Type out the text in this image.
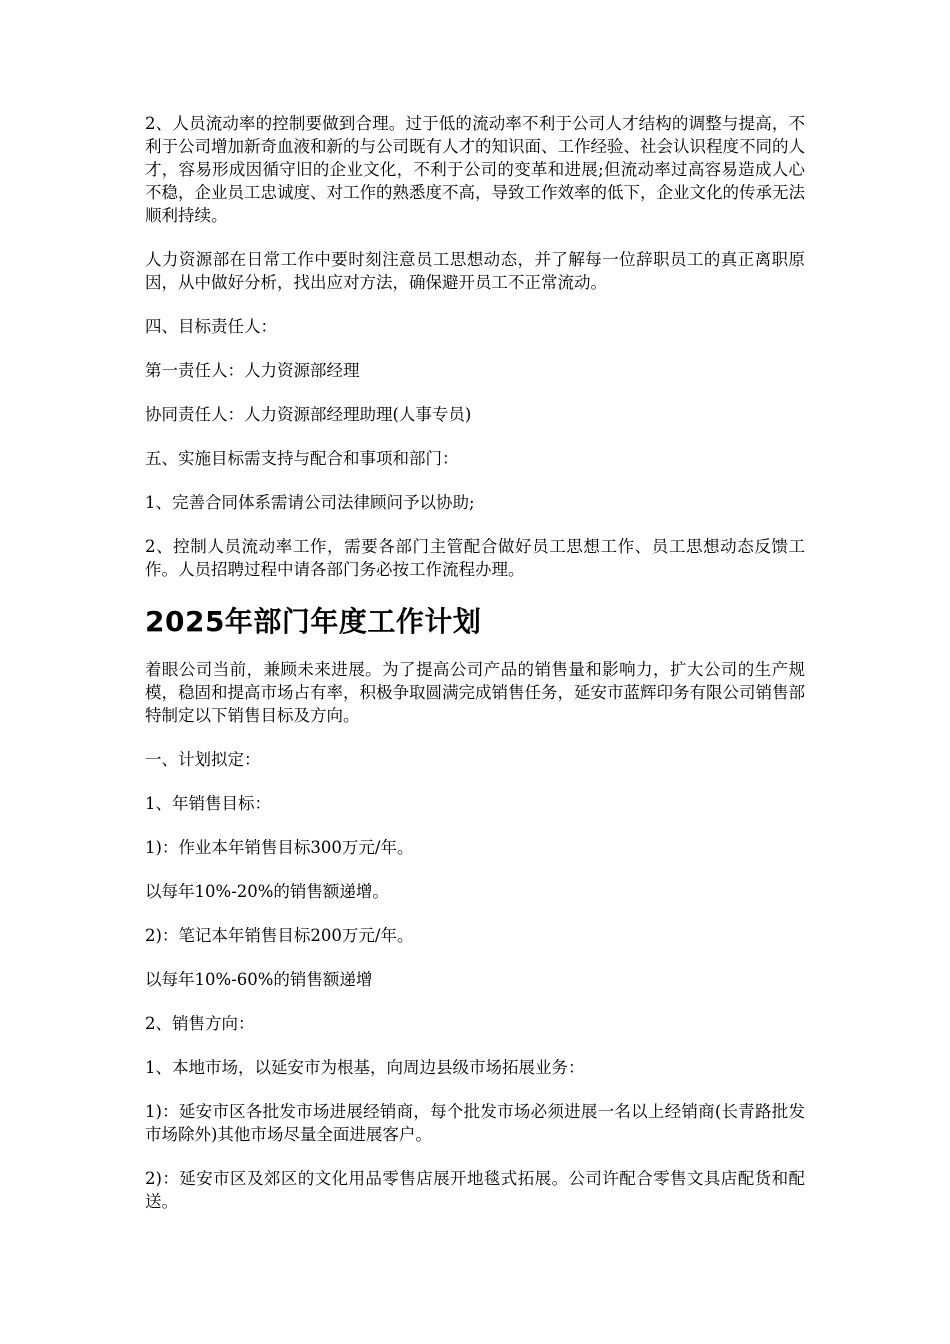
2、人员流动率的控制要做到合理。过于低的流动率不利于公司人才结构的调整与提高，不利于公司增加新奇血液和新的与公司既有人才的知识面、工作经验、社会认识程度不同的人才，容易形成因循守旧的企业文化，不利于公司的变革和进展;但流动率过高容易造成人心不稳，企业员工忠诚度、对工作的熟悉度不高，导致工作效率的低下，企业文化的传承无法顺利持续。

人力资源部在日常工作中要时刻注意员工思想动态，并了解每一位辞职员工的真正离职原因，从中做好分析，找出应对方法，确保避开员工不正常流动。

四、目标责任人：

第一责任人：人力资源部经理

协同责任人：人力资源部经理助理(人事专员)

五、实施目标需支持与配合和事项和部门：

1、完善合同体系需请公司法律顾问予以协助;

2、控制人员流动率工作，需要各部门主管配合做好员工思想工作、员工思想动态反馈工作。人员招聘过程中请各部门务必按工作流程办理。

2025年部门年度工作计划

着眼公司当前，兼顾未来进展。为了提高公司产品的销售量和影响力，扩大公司的生产规模，稳固和提高市场占有率，积极争取圆满完成销售任务，延安市蓝辉印务有限公司销售部特制定以下销售目标及方向。

一、计划拟定：

1、年销售目标：

1)：作业本年销售目标300万元/年。

以每年10%-20%的销售额递增。

2)：笔记本年销售目标200万元/年。

以每年10%-60%的销售额递增

2、销售方向：

1、本地市场，以延安市为根基，向周边县级市场拓展业务：

1)：延安市区各批发市场进展经销商，每个批发市场必须进展一名以上经销商(长青路批发市场除外)其他市场尽量全面进展客户。

2)：延安市区及郊区的文化用品零售店展开地毯式拓展。公司许配合零售文具店配货和配送。
